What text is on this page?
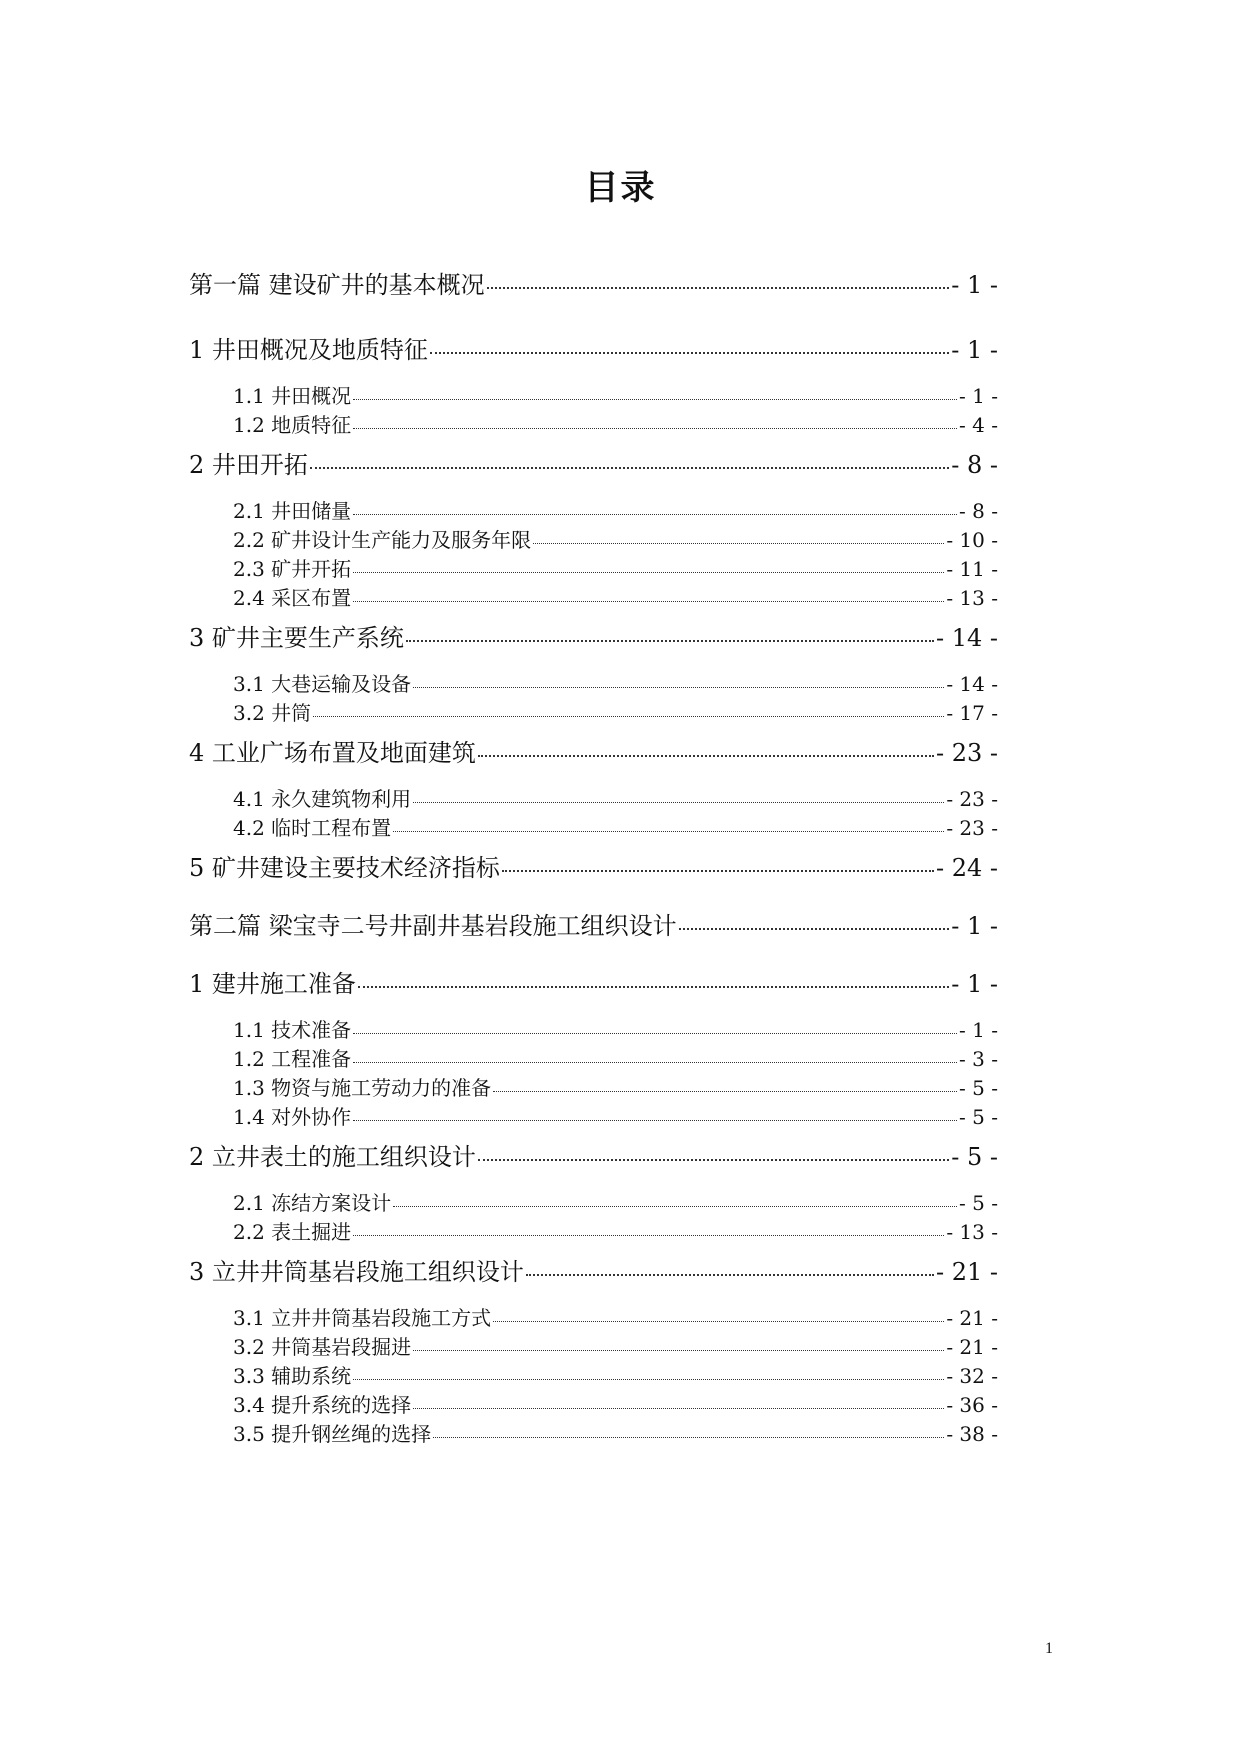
目录
第一篇 建设矿井的基本概况	- 1 -
1 井田概况及地质特征	- 1 -
1.1 井田概况	- 1 -
1.2 地质特征	- 4 -
2 井田开拓	- 8 -
2.1 井田储量	- 8 -
2.2 矿井设计生产能力及服务年限	- 10 -
2.3 矿井开拓	- 11 -
2.4 采区布置	- 13 -
3 矿井主要生产系统	- 14 -
3.1 大巷运输及设备	- 14 -
3.2 井筒	- 17 -
4 工业广场布置及地面建筑	- 23 -
4.1 永久建筑物利用	- 23 -
4.2 临时工程布置	- 23 -
5 矿井建设主要技术经济指标	- 24 -
第二篇 梁宝寺二号井副井基岩段施工组织设计	- 1 -
1 建井施工准备	- 1 -
1.1 技术准备	- 1 -
1.2 工程准备	- 3 -
1.3 物资与施工劳动力的准备	- 5 -
1.4 对外协作	- 5 -
2 立井表土的施工组织设计	- 5 -
2.1 冻结方案设计	- 5 -
2.2 表土掘进	- 13 -
3 立井井筒基岩段施工组织设计	- 21 -
3.1 立井井筒基岩段施工方式	- 21 -
3.2 井筒基岩段掘进	- 21 -
3.3 辅助系统	- 32 -
3.4 提升系统的选择	- 36 -
3.5 提升钢丝绳的选择	- 38 -
1
